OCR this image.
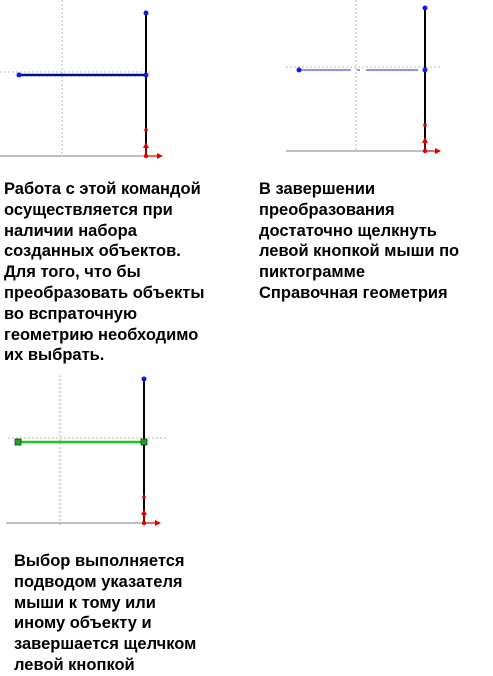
Работа с этой командой
осуществляется при
наличии набора
созданных объектов.
Для того, что бы
преобразовать объекты
во вспраточную
геометрию необходимо
их выбрать.
В завершении
преобразования
достаточно щелкнуть
левой кнопкой мыши по
пиктограмме
Справочная геометрия
Выбор выполняется
подводом указателя
мыши к тому или
иному объекту и
завершается щелчком
левой кнопкой
